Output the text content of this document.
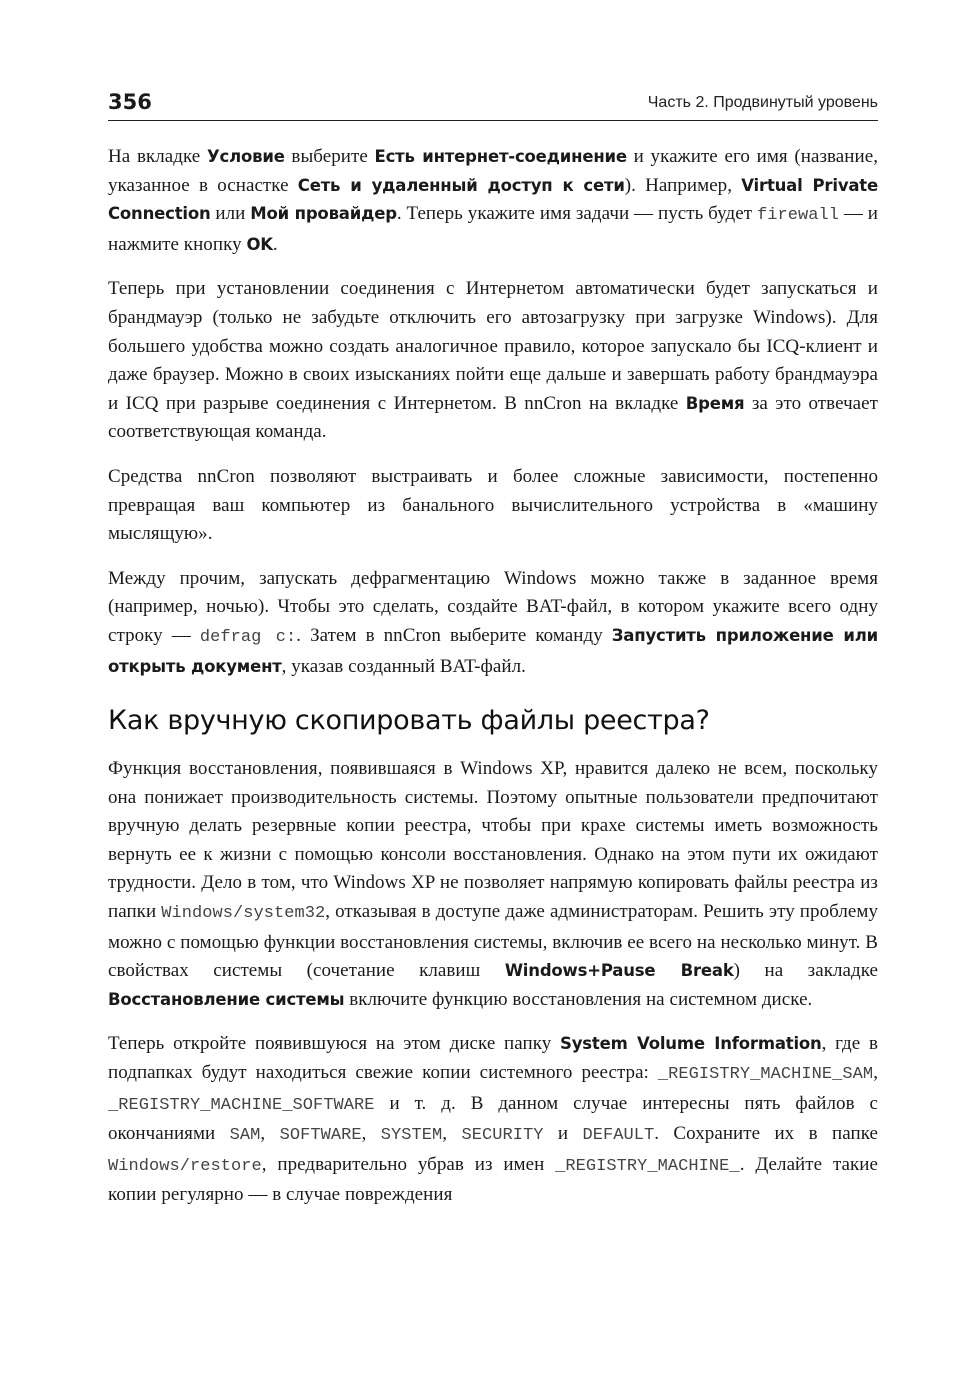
356	Часть 2. Продвинутый уровень

На вкладке Условие выберите Есть интернет-соединение и укажите его имя (название, указанное в оснастке Сеть и удаленный доступ к сети). Например, Virtual Private Connection или Мой провайдер. Теперь укажите имя задачи — пусть будет firewall — и нажмите кнопку OK.

Теперь при установлении соединения с Интернетом автоматически будет запускаться и брандмауэр (только не забудьте отключить его автозагрузку при загрузке Windows). Для большего удобства можно создать аналогичное правило, которое запускало бы ICQ-клиент и даже браузер. Можно в своих изысканиях пойти еще дальше и завершать работу брандмауэра и ICQ при разрыве соединения с Интернетом. В nnCron на вкладке Время за это отвечает соответствующая команда.

Средства nnCron позволяют выстраивать и более сложные зависимости, постепенно превращая ваш компьютер из банального вычислительного устройства в «машину мыслящую».

Между прочим, запускать дефрагментацию Windows можно также в заданное время (например, ночью). Чтобы это сделать, создайте BAT-файл, в котором укажите всего одну строку — defrag c:. Затем в nnCron выберите команду Запустить приложение или открыть документ, указав созданный BAT-файл.

Как вручную скопировать файлы реестра?

Функция восстановления, появившаяся в Windows XP, нравится далеко не всем, поскольку она понижает производительность системы. Поэтому опытные пользователи предпочитают вручную делать резервные копии реестра, чтобы при крахе системы иметь возможность вернуть ее к жизни с помощью консоли восстановления. Однако на этом пути их ожидают трудности. Дело в том, что Windows XP не позволяет напрямую копировать файлы реестра из папки Windows/system32, отказывая в доступе даже администраторам. Решить эту проблему можно с помощью функции восстановления системы, включив ее всего на несколько минут. В свойствах системы (сочетание клавиш Windows+Pause Break) на закладке Восстановление системы включите функцию восстановления на системном диске.

Теперь откройте появившуюся на этом диске папку System Volume Information, где в подпапках будут находиться свежие копии системного реестра: _REGISTRY_MACHINE_SAM, _REGISTRY_MACHINE_SOFTWARE и т. д. В данном случае интересны пять файлов с окончаниями SAM, SOFTWARE, SYSTEM, SECURITY и DEFAULT. Сохраните их в папке Windows/restore, предварительно убрав из имен _REGISTRY_MACHINE_. Делайте такие копии регулярно — в случае повреждения
